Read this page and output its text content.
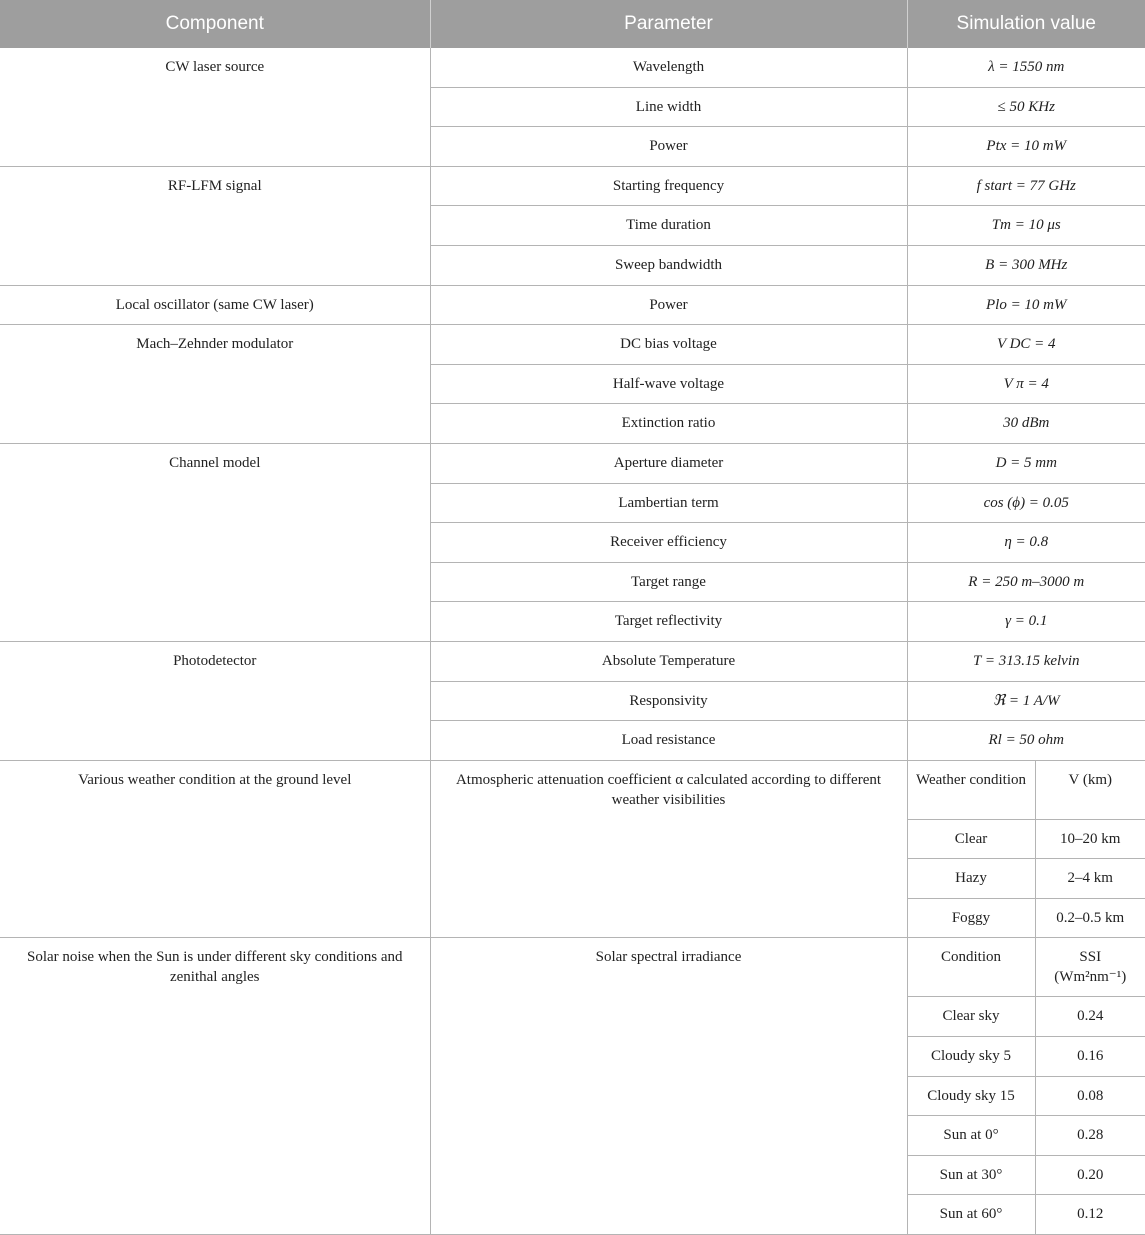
Component	Parameter	Simulation value	
CW laser source	Wavelength	λ = 1550 nm	
	Line width	≤ 50 KHz	
	Power	Ptx = 10 mW	
RF-LFM signal	Starting frequency	f start = 77 GHz	
	Time duration	Tm = 10 μs	
	Sweep bandwidth	B = 300 MHz	
Local oscillator (same CW laser)	Power	Plo = 10 mW	
Mach–Zehnder modulator	DC bias voltage	V DC = 4	
	Half-wave voltage	V π = 4	
	Extinction ratio	30 dBm	
Channel model	Aperture diameter	D = 5 mm	
	Lambertian term	cos (ϕ) = 0.05	
	Receiver efficiency	η = 0.8	
	Target range	R = 250 m–3000 m	
	Target reflectivity	γ = 0.1	
Photodetector	Absolute Temperature	T = 313.15 kelvin	
	Responsivity	ℜ = 1 A/W	
	Load resistance	Rl = 50 ohm	
Various weather condition at the ground level	Atmospheric attenuation coefficient α calculated according to different weather visibilities	Weather condition	V (km)
		Clear	10–20 km
		Hazy	2–4 km
		Foggy	0.2–0.5 km
Solar noise when the Sun is under different sky conditions and zenithal angles	Solar spectral irradiance	Condition	SSI (Wm²nm⁻¹)
		Clear sky	0.24
		Cloudy sky 5	0.16
		Cloudy sky 15	0.08
		Sun at 0°	0.28
		Sun at 30°	0.20
		Sun at 60°	0.12
